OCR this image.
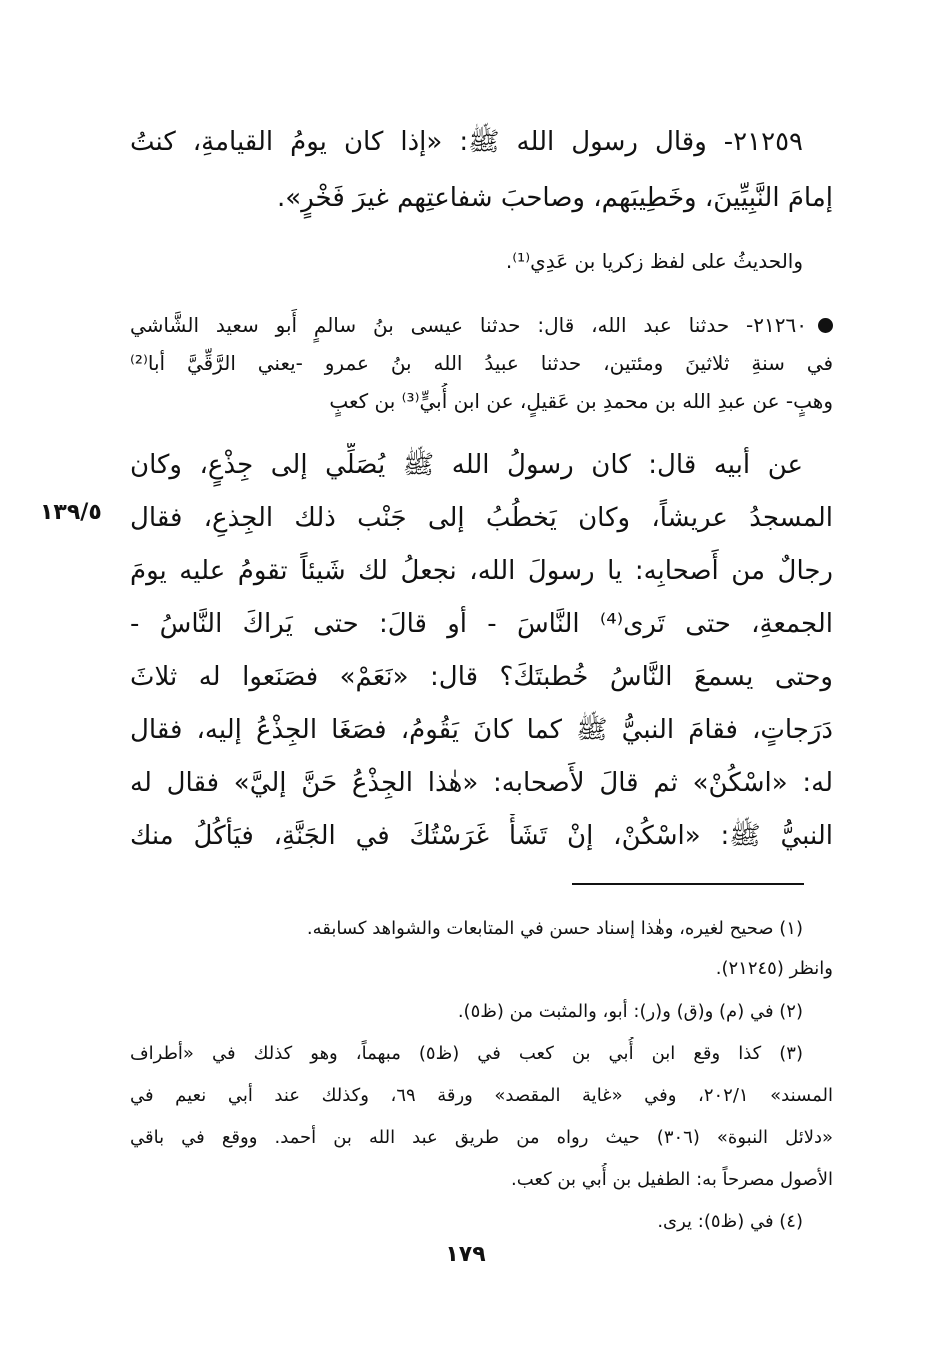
٢١٢٥٩- وقال رسول الله ﷺ: «إذا كان يومُ القيامةِ، كنتُ
إمامَ النَّبِيِّينَ، وخَطِيبَهم، وصاحبَ شفاعتِهم غيرَ فَخْرٍ».
والحديثُ على لفظ زكريا بن عَدِي⁽¹⁾.
٢١٢٦٠- حدثنا عبد الله، قال: حدثنا عيسى بنُ سالمٍ أَبو سعيد الشَّاشي
في سنةِ ثلاثينَ ومئتين، حدثنا عبيدُ الله بنُ عمرو -يعني الرَّقِّيَّ أبا⁽²⁾
وهبٍ- عن عبدِ الله بن محمدِ بن عَقيلٍ، عن ابن أُبيٍّ⁽³⁾ بن كعبٍ
عن أبيه قال: كان رسولُ الله ﷺ يُصَلِّي إلى جِذْعٍ، وكان
المسجدُ عريشاً، وكان يَخطُبُ إلى جَنْب ذلك الجِذعِ، فقال
رجالٌ من أَصحابِه: يا رسولَ الله، نجعلُ لك شَيئاً تقومُ عليه يومَ
الجمعةِ، حتى تَرى⁽⁴⁾ النَّاسَ - أو قالَ: حتى يَراكَ النَّاسُ -
وحتى يسمعَ النَّاسُ خُطبتَكَ؟ قال: «نَعَمْ» فصَنَعوا له ثلاثَ
دَرَجاتٍ، فقامَ النبيُّ ﷺ كما كانَ يَقُومُ، فصَغَا الجِذْعُ إليه، فقال
له: «اسْكُنْ» ثم قالَ لأَصحابه: «هٰذا الجِذْعُ حَنَّ إليَّ» فقال له
النبيُّ ﷺ: «اسْكُنْ، إنْ تَشَأْ غَرَسْتُكَ في الجَنَّةِ، فيَأكُلُ منك
١٣٩/٥
(١) صحيح لغيره، وهٰذا إسناد حسن في المتابعات والشواهد كسابقه.
وانظر (٢١٢٤٥).
(٢) في (م) و(ق) و(ر): أبو، والمثبت من (ظ٥).
(٣) كذا وقع ابن أُبي بن كعب في (ظ٥) مبهماً، وهو كذلك في «أطراف
المسند» ٢٠٢/١، وفي «غاية المقصد» ورقة ٦٩، وكذلك عند أبي نعيم في
«دلائل النبوة» (٣٠٦) حيث رواه من طريق عبد الله بن أحمد. ووقع في باقي
الأصول مصرحاً به: الطفيل بن أُبي بن كعب.
(٤) في (ظ٥): يرى.
١٧٩
